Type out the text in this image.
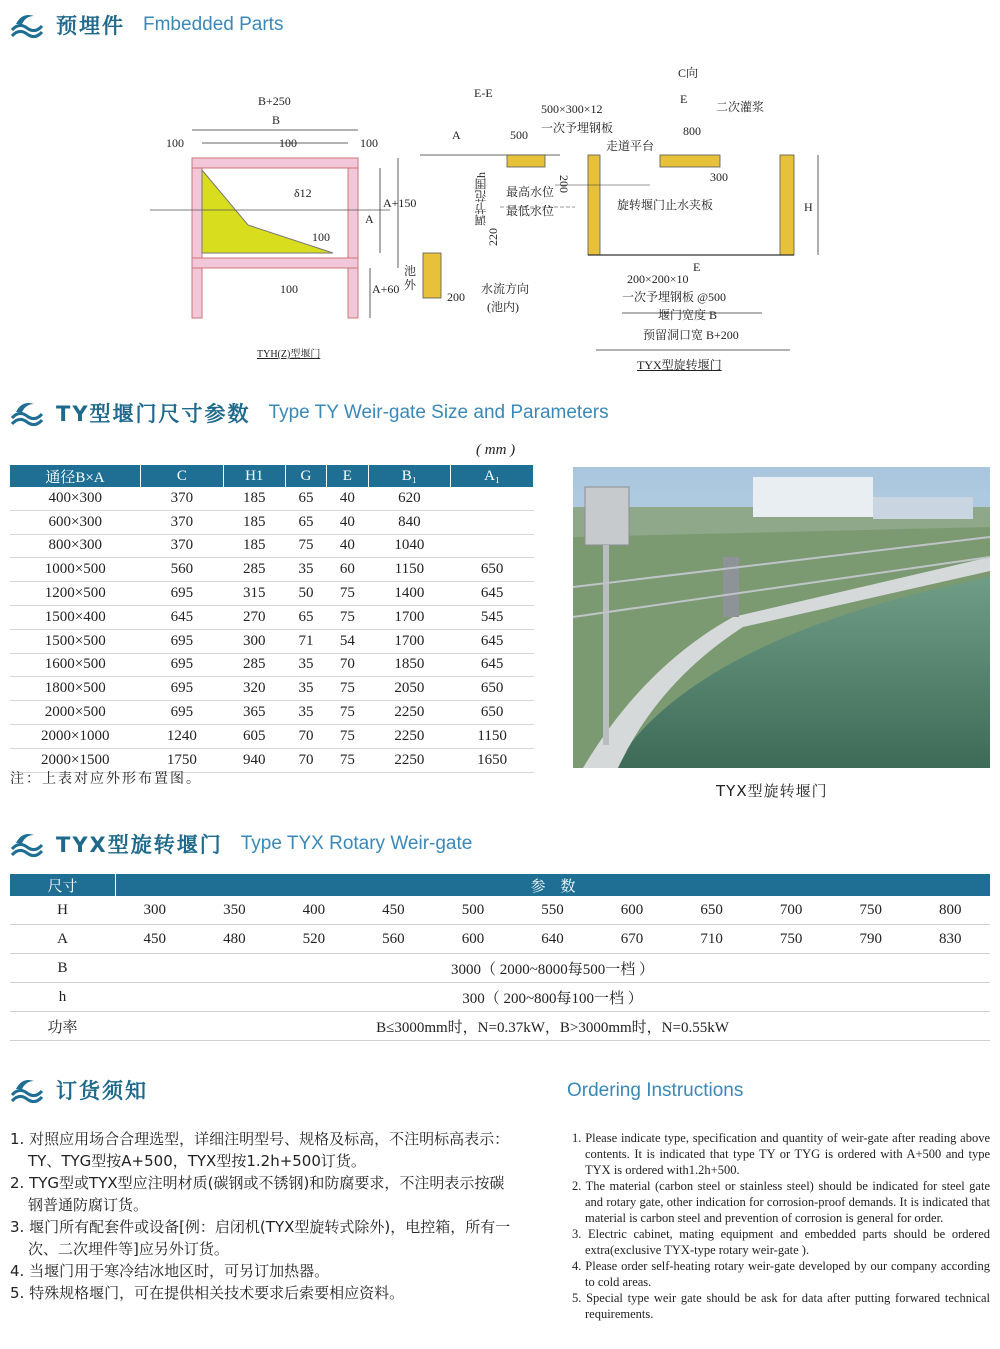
预埋件 Fmbedded Parts
B+250
B
100	100	100
δ12
100
100
A
A+150
A+60
TYH(Z)型堰门
C向
E-E
500×300×12
一次予埋钢板
A	500
E
800
二次灌浆
走道平台
调节范围h 最高水位
最低水位
200
220
300
旋转堰门止水夹板	H
池外
200
水流方向
(池内)
E
200×200×10
一次予埋钢板 @500
堰门宽度 B
预留洞口宽 B+200
TYX型旋转堰门
TY型堰门尺寸参数 Type TY Weir-gate Size and Parameters
( mm )
通径B×A	C	H1	G	E	B₁	A₁
400×300	370	185	65	40	620	
600×300	370	185	65	40	840	
800×300	370	185	75	40	1040	
1000×500	560	285	35	60	1150	650
1200×500	695	315	50	75	1400	645
1500×400	645	270	65	75	1700	545
1500×500	695	300	71	54	1700	645
1600×500	695	285	35	70	1850	645
1800×500	695	320	35	75	2050	650
2000×500	695	365	35	75	2250	650
2000×1000	1240	605	70	75	2250	1150
2000×1500	1750	940	70	75	2250	1650
注：上表对应外形布置图。
TYX型旋转堰门
TYX型旋转堰门 Type TYX Rotary Weir-gate
尺寸	参　数
H	300	350	400	450	500	550	600	650	700	750	800
A	450	480	520	560	600	640	670	710	750	790	830
B	3000（ 2000~8000每500一档 ）
h	300（ 200~800每100一档 ）
功率	B≤3000mm时，N=0.37kW，B>3000mm时，N=0.55kW
订货须知	Ordering Instructions
1. 对照应用场合合理选型，详细注明型号、规格及标高，不注明标高表示：TY、TYG型按A+500，TYX型按1.2h+500订货。
2. TYG型或TYX型应注明材质(碳钢或不锈钢)和防腐要求，不注明表示按碳钢普通防腐订货。
3. 堰门所有配套件或设备[例：启闭机(TYX型旋转式除外)，电控箱，所有一次、二次埋件等]应另外订货。
4. 当堰门用于寒冷结冰地区时，可另订加热器。
5. 特殊规格堰门，可在提供相关技术要求后索要相应资料。
1. Please indicate type, specification and quantity of weir-gate after reading above contents. It is indicated that type TY or TYG is ordered with A+500 and type TYX is ordered with1.2h+500.
2. The material (carbon steel or stainless steel) should be indicated for steel gate and rotary gate, other indication for corrosion-proof demands. It is indicated that material is carbon steel and prevention of corrosion is general for order.
3. Electric cabinet, mating equipment and embedded parts should be ordered extra(exclusive TYX-type rotary weir-gate ).
4. Please order self-heating rotary weir-gate developed by our company according to cold areas.
5. Special type weir gate should be ask for data after putting forwared technical requirements.
